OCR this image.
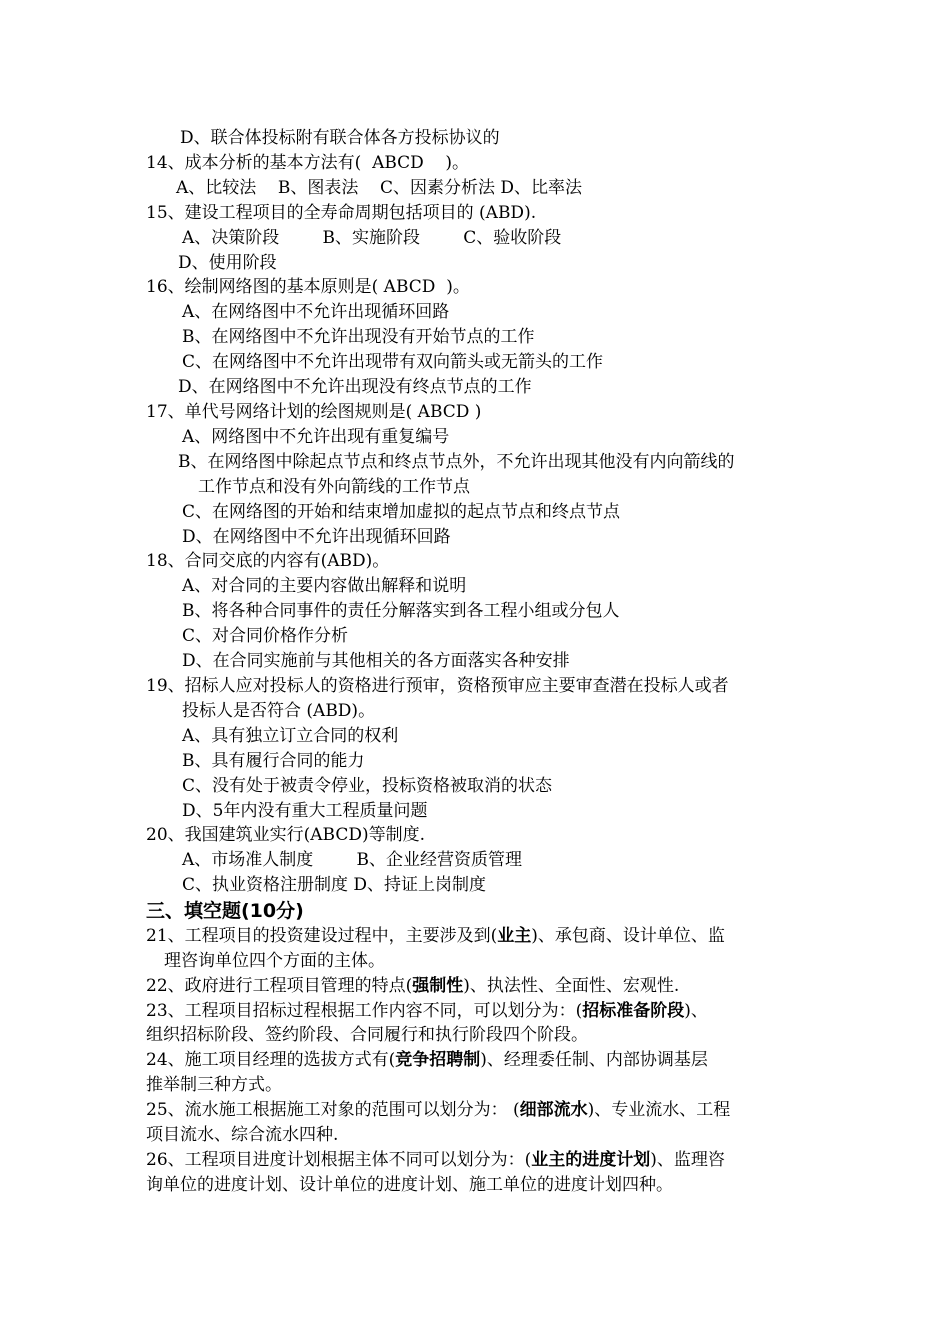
D、联合体投标附有联合体各方投标协议的
14、成本分析的基本方法有(  ABCD    )。
A、比较法    B、图表法    C、因素分析法 D、比率法
15、建设工程项目的全寿命周期包括项目的 (ABD).
A、决策阶段        B、实施阶段        C、验收阶段
D、使用阶段
16、绘制网络图的基本原则是( ABCD  )。
A、在网络图中不允许出现循环回路
B、在网络图中不允许出现没有开始节点的工作
C、在网络图中不允许出现带有双向箭头或无箭头的工作
D、在网络图中不允许出现没有终点节点的工作
17、单代号网络计划的绘图规则是( ABCD )
A、网络图中不允许出现有重复编号
B、在网络图中除起点节点和终点节点外，不允许出现其他没有内向箭线的
工作节点和没有外向箭线的工作节点
C、在网络图的开始和结束增加虚拟的起点节点和终点节点
D、在网络图中不允许出现循环回路
18、合同交底的内容有(ABD)。
A、对合同的主要内容做出解释和说明
B、将各种合同事件的责任分解落实到各工程小组或分包人
C、对合同价格作分析
D、在合同实施前与其他相关的各方面落实各种安排
19、招标人应对投标人的资格进行预审，资格预审应主要审查潜在投标人或者
投标人是否符合 (ABD)。
A、具有独立订立合同的权利
B、具有履行合同的能力
C、没有处于被责令停业，投标资格被取消的状态
D、5年内没有重大工程质量问题
20、我国建筑业实行(ABCD)等制度.
A、市场准人制度        B、企业经营资质管理
C、执业资格注册制度 D、持证上岗制度
三、填空题(10分)
21、工程项目的投资建设过程中，主要涉及到(业主)、承包商、设计单位、监
理咨询单位四个方面的主体。
22、政府进行工程项目管理的特点(强制性)、执法性、全面性、宏观性.
23、工程项目招标过程根据工作内容不同，可以划分为：(招标准备阶段)、
组织招标阶段、签约阶段、合同履行和执行阶段四个阶段。
24、施工项目经理的选拔方式有(竞争招聘制)、经理委任制、内部协调基层
推举制三种方式。
25、流水施工根据施工对象的范围可以划分为： (细部流水)、专业流水、工程
项目流水、综合流水四种.
26、工程项目进度计划根据主体不同可以划分为：(业主的进度计划)、监理咨
询单位的进度计划、设计单位的进度计划、施工单位的进度计划四种。
